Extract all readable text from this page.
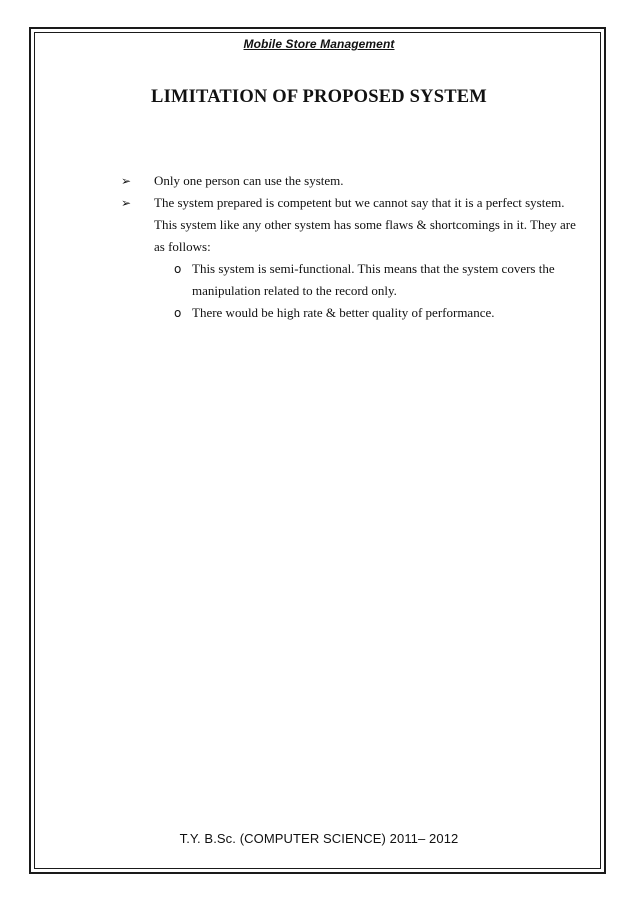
Mobile Store Management
LIMITATION OF PROPOSED SYSTEM
➢ Only one person can use the system.
➢ The system prepared is competent but we cannot say that it is a perfect system. This system like any other system has some flaws & shortcomings in it. They are as follows:
o This system is semi-functional. This means that the system covers the manipulation related to the record only.
o There would be high rate & better quality of performance.
T.Y. B.Sc. (COMPUTER SCIENCE) 2011– 2012
